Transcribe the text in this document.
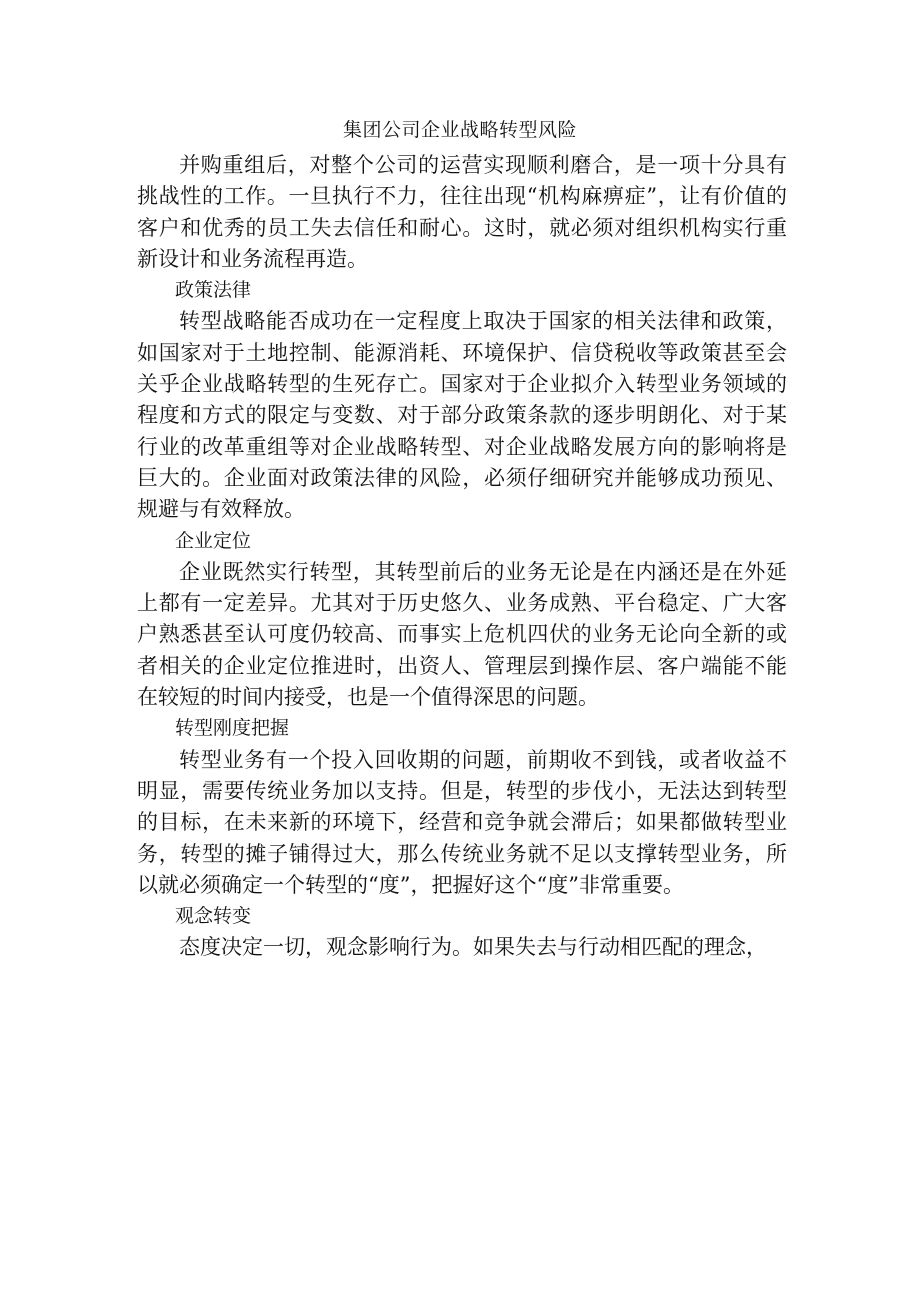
集团公司企业战略转型风险

并购重组后，对整个公司的运营实现顺利磨合，是一项十分具有挑战性的工作。一旦执行不力，往往出现“机构麻痹症”，让有价值的客户和优秀的员工失去信任和耐心。这时，就必须对组织机构实行重新设计和业务流程再造。

政策法律

转型战略能否成功在一定程度上取决于国家的相关法律和政策，如国家对于土地控制、能源消耗、环境保护、信贷税收等政策甚至会关乎企业战略转型的生死存亡。国家对于企业拟介入转型业务领域的程度和方式的限定与变数、对于部分政策条款的逐步明朗化、对于某行业的改革重组等对企业战略转型、对企业战略发展方向的影响将是巨大的。企业面对政策法律的风险，必须仔细研究并能够成功预见、规避与有效释放。

企业定位

企业既然实行转型，其转型前后的业务无论是在内涵还是在外延上都有一定差异。尤其对于历史悠久、业务成熟、平台稳定、广大客户熟悉甚至认可度仍较高、而事实上危机四伏的业务无论向全新的或者相关的企业定位推进时，出资人、管理层到操作层、客户端能不能在较短的时间内接受，也是一个值得深思的问题。

转型刚度把握

转型业务有一个投入回收期的问题，前期收不到钱，或者收益不明显，需要传统业务加以支持。但是，转型的步伐小，无法达到转型的目标，在未来新的环境下，经营和竞争就会滞后；如果都做转型业务，转型的摊子铺得过大，那么传统业务就不足以支撑转型业务，所以就必须确定一个转型的“度”，把握好这个“度”非常重要。

观念转变

态度决定一切，观念影响行为。如果失去与行动相匹配的理念，
